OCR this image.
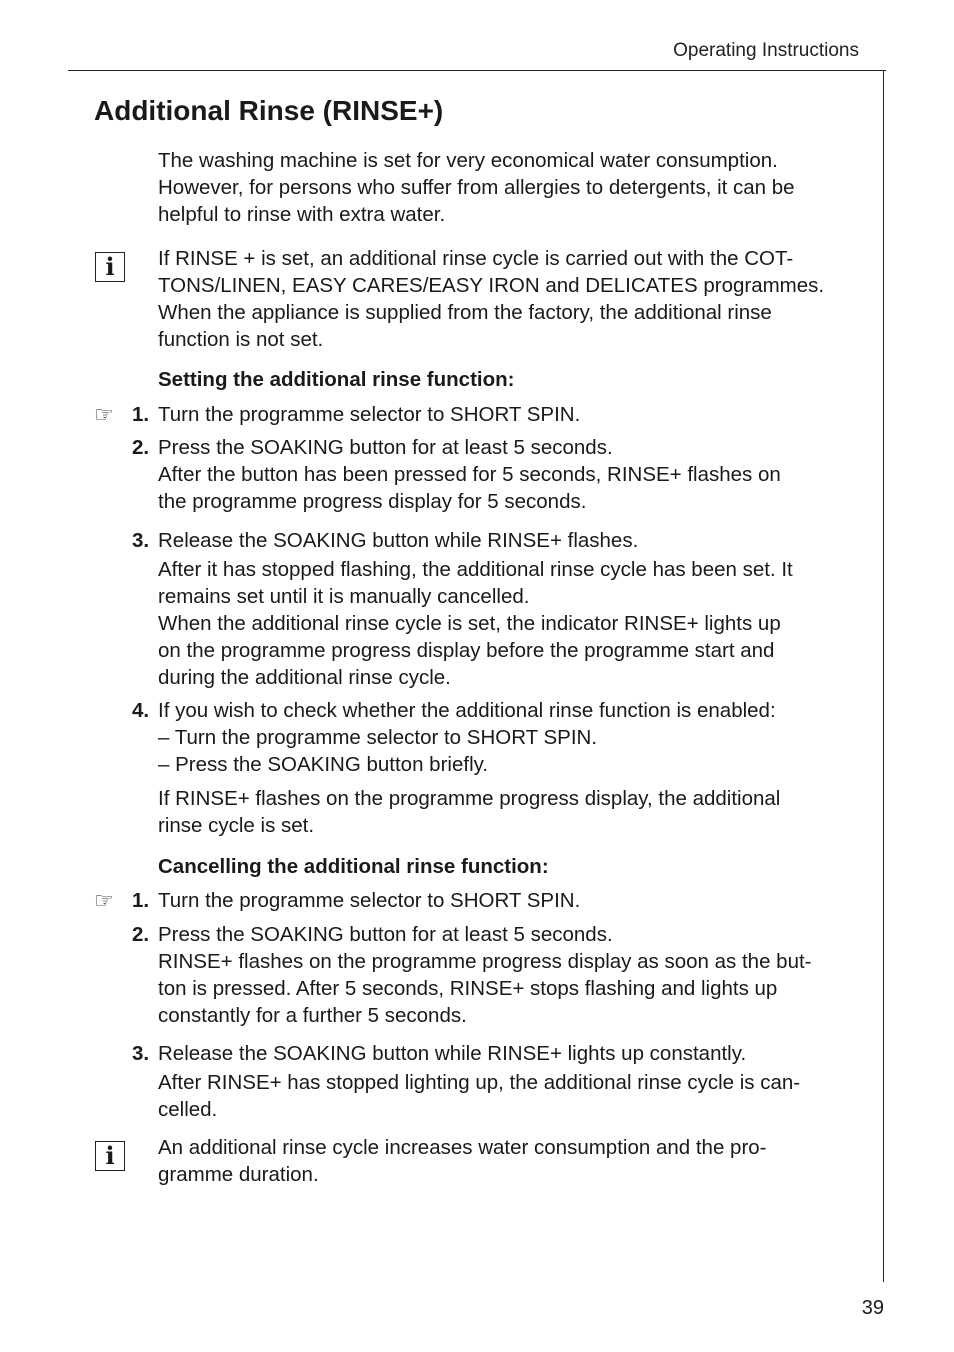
Operating Instructions
Additional Rinse (RINSE+)

The washing machine is set for very economical water consumption.

However, for persons who suffer from allergies to detergents, it can be

helpful to rinse with extra water.

i	If RINSE + is set, an additional rinse cycle is carried out with the COT-

TONS/LINEN, EASY CARES/EASY IRON and DELICATES programmes.

When the appliance is supplied from the factory, the additional rinse

function is not set.

Setting the additional rinse function:
☞ 1. Turn the programme selector to SHORT SPIN.
2. Press the SOAKING button for at least 5 seconds.

After the button has been pressed for 5 seconds, RINSE+ flashes on

the programme progress display for 5 seconds.

3. Release the SOAKING button while RINSE+ flashes.

After it has stopped flashing, the additional rinse cycle has been set. It

remains set until it is manually cancelled.

When the additional rinse cycle is set, the indicator RINSE+ lights up

on the programme progress display before the programme start and

during the additional rinse cycle.

4. If you wish to check whether the additional rinse function is enabled:

– Turn the programme selector to SHORT SPIN.

– Press the SOAKING button briefly.

If RINSE+ flashes on the programme progress display, the additional

rinse cycle is set.

Cancelling the additional rinse function:
☞ 1. Turn the programme selector to SHORT SPIN.
2. Press the SOAKING button for at least 5 seconds.

RINSE+ flashes on the programme progress display as soon as the but-

ton is pressed. After 5 seconds, RINSE+ stops flashing and lights up

constantly for a further 5 seconds.

3. Release the SOAKING button while RINSE+ lights up constantly.

After RINSE+ has stopped lighting up, the additional rinse cycle is can-

celled.

i	An additional rinse cycle increases water consumption and the pro-

gramme duration.

39
